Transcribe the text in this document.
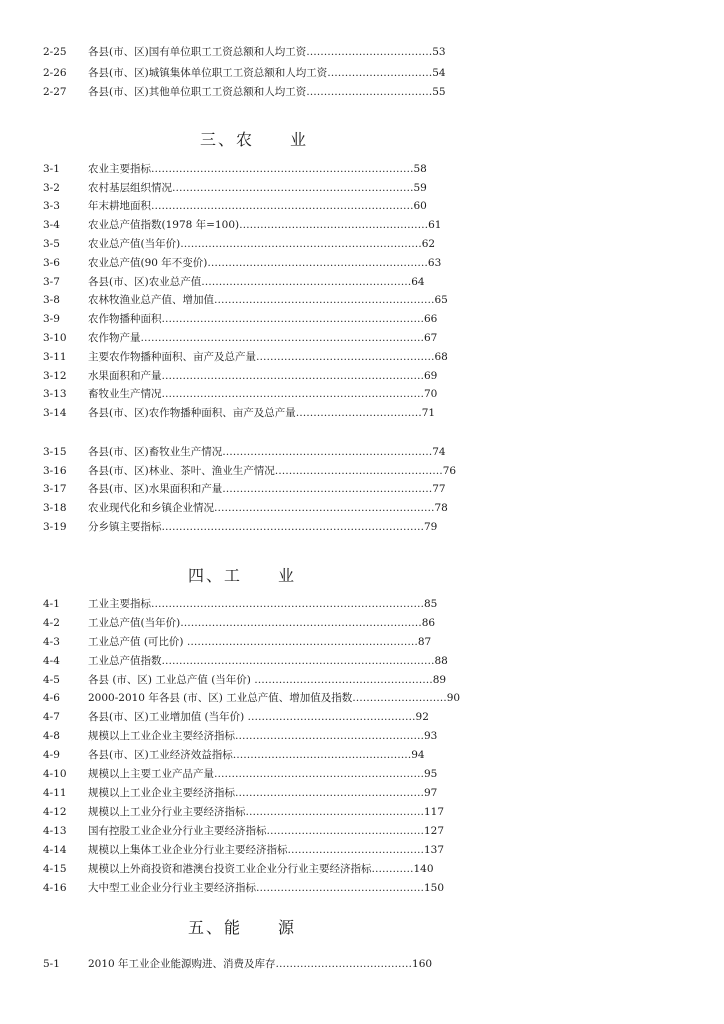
2-25 各县(市、区)国有单位职工工资总额和人均工资………………………………53
2-26 各县(市、区)城镇集体单位职工工资总额和人均工资…………………………54
2-27 各县(市、区)其他单位职工工资总额和人均工资………………………………55
三、农　　业
3-1	农业主要指标…………………………………………………………………58
3-2	农村基层组织情况……………………………………………………………59
3-3	年末耕地面积…………………………………………………………………60
3-4	农业总产值指数(1978 年=100)………………………………………………61
3-5	农业总产值(当年价)……………………………………………………………62
3-6	农业总产值(90 年不变价)………………………………………………………63
3-7	各县(市、区)农业总产值……………………………………………………64
3-8	农林牧渔业总产值、增加值………………………………………………………65
3-9	农作物播种面积…………………………………………………………………66
3-10 农作物产量………………………………………………………………………67
3-11 主要农作物播种面积、亩产及总产量……………………………………………68
3-12 水果面积和产量…………………………………………………………………69
3-13 畜牧业生产情况…………………………………………………………………70
3-14 各县(市、区)农作物播种面积、亩产及总产量………………………………71
3-15 各县(市、区)畜牧业生产情况……………………………………………………74
3-16 各县(市、区)林业、茶叶、渔业生产情况…………………………………………76
3-17 各县(市、区)水果面积和产量……………………………………………………77
3-18 农业现代化和乡镇企业情况………………………………………………………78
3-19 分乡镇主要指标…………………………………………………………………79
四、工　　业
4-1	工业主要指标……………………………………………………………………85
4-2	工业总产值(当年价)……………………………………………………………86
4-3	工业总产值 (可比价) …………………………………………………………87
4-4	工业总产值指数……………………………………………………………………88
4-5	各县 (市、区) 工业总产值 (当年价) ……………………………………………89
4-6	2000-2010 年各县 (市、区) 工业总产值、增加值及指数………………………90
4-7	各县(市、区)工业增加值 (当年价) …………………………………………92
4-8	规模以上工业企业主要经济指标………………………………………………93
4-9	各县(市、区)工业经济效益指标……………………………………………94
4-10 规模以上主要工业产品产量……………………………………………………95
4-11 规模以上工业企业主要经济指标………………………………………………97
4-12 规模以上工业分行业主要经济指标……………………………………………117
4-13 国有控股工业企业分行业主要经济指标………………………………………127
4-14 规模以上集体工业企业分行业主要经济指标…………………………………137
4-15 规模以上外商投资和港澳台投资工业企业分行业主要经济指标…………140
4-16 大中型工业企业分行业主要经济指标…………………………………………150
五、能　　源
5-1	2010 年工业企业能源购进、消费及库存…………………………………160
